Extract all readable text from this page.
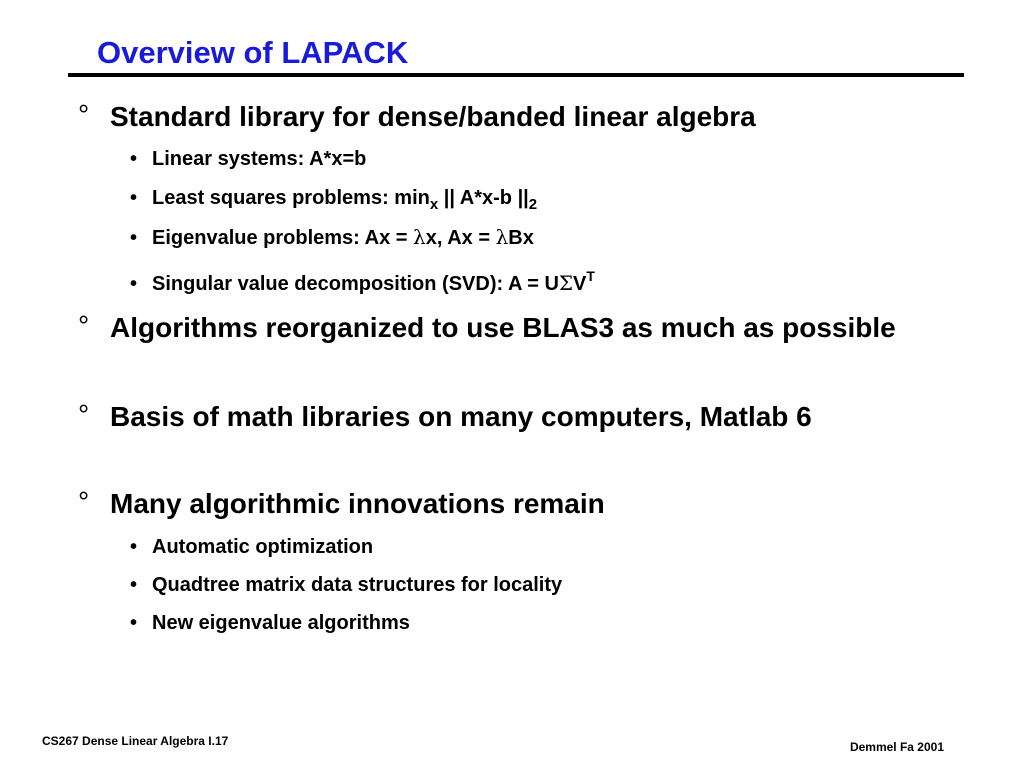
Overview of LAPACK
° Standard library for dense/banded linear algebra
• Linear systems: A*x=b
• Least squares problems: $\min_x$ || A*x-b $||_2$
• Eigenvalue problems: Ax = λx, Ax = λBx
• Singular value decomposition (SVD): $A = U\Sigma V^T$
° Algorithms reorganized to use BLAS3 as much as possible
° Basis of math libraries on many computers, Matlab 6
° Many algorithmic innovations remain
• Automatic optimization
• Quadtree matrix data structures for locality
• New eigenvalue algorithms
CS267 Dense Linear Algebra I.17	Demmel Fa 2001
